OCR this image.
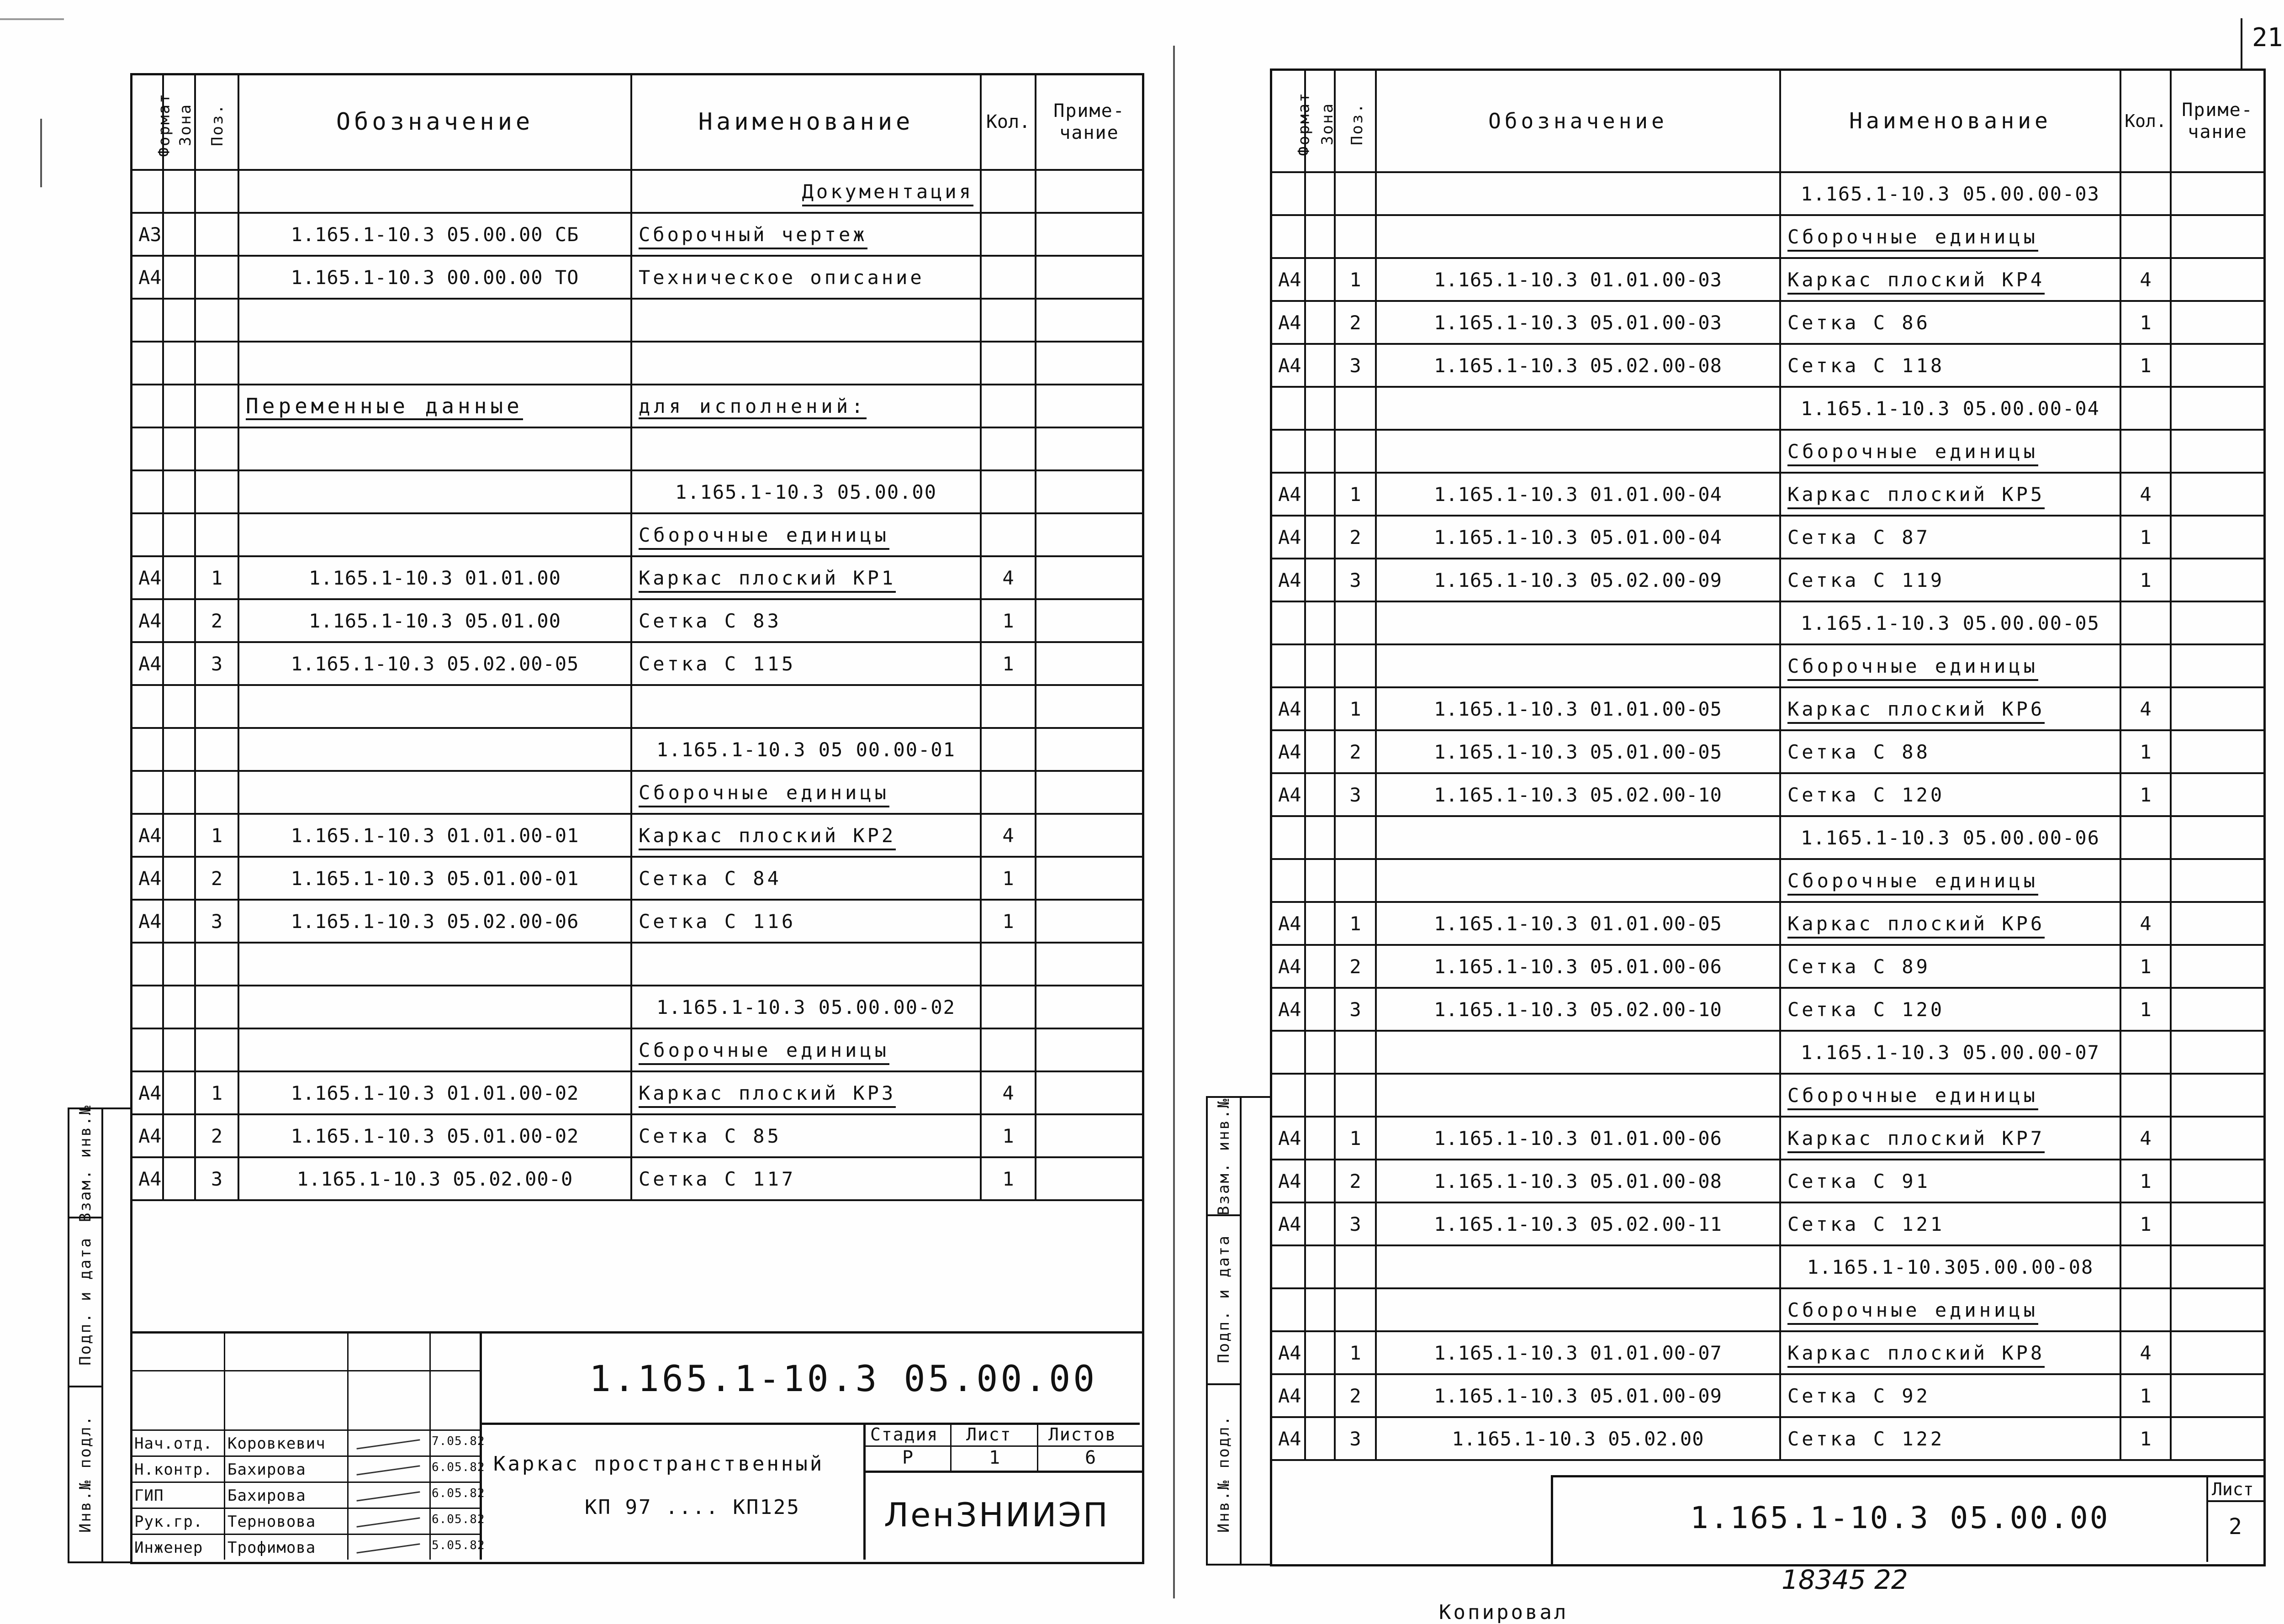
21
Взам. инв.№
Подп. и дата
Инв.№ подл.
Формат	Зона	Поз.	Обозначение	Наименование	Кол.	Приме-чание
				Документация		
А3			1.165.1-10.3 05.00.00 СБ	Сборочный чертеж		
А4			1.165.1-10.3 00.00.00 ТО	Техническое описание		

			Переменные данные	для исполнений:		

				1.165.1-10.3 05.00.00		
				Сборочные единицы		
А4		1	1.165.1-10.3 01.01.00	Каркас плоский КР1	4	
А4		2	1.165.1-10.3 05.01.00	Сетка С 83	1	
А4		3	1.165.1-10.3 05.02.00-05	Сетка С 115	1	

				1.165.1-10.3 05 00.00-01		
				Сборочные единицы		
А4		1	1.165.1-10.3 01.01.00-01	Каркас плоский КР2	4	
А4		2	1.165.1-10.3 05.01.00-01	Сетка С 84	1	
А4		3	1.165.1-10.3 05.02.00-06	Сетка С 116	1	

				1.165.1-10.3 05.00.00-02		
				Сборочные единицы		
А4		1	1.165.1-10.3 01.01.00-02	Каркас плоский КР3	4	
А4		2	1.165.1-10.3 05.01.00-02	Сетка С 85	1	
А4		3	1.165.1-10.3 05.02.00-0	Сетка С 117	1	
Нач.отд. Коровкевич	7.05.82
Н.контр. Бахирова	6.05.82
ГИП	Бахирова	6.05.82
Рук.гр. Терновова	6.05.82
Инженер Трофимова	5.05.82
1.165.1-10.3 05.00.00
Каркас пространственный
КП 97 .... КП125
Стадия Лист Листов
Р	1	6
ЛенЗНИИЭП
Взам. инв.№
Подп. и дата
Инв.№ подл.
Формат	Зона	Поз.	Обозначение	Наименование	Кол.	Приме-чание
				1.165.1-10.3 05.00.00-03		
				Сборочные единицы		
А4		1	1.165.1-10.3 01.01.00-03	Каркас плоский КР4	4	
А4		2	1.165.1-10.3 05.01.00-03	Сетка С 86	1	
А4		3	1.165.1-10.3 05.02.00-08	Сетка С 118	1	
				1.165.1-10.3 05.00.00-04		
				Сборочные единицы		
А4		1	1.165.1-10.3 01.01.00-04	Каркас плоский КР5	4	
А4		2	1.165.1-10.3 05.01.00-04	Сетка С 87	1	
А4		3	1.165.1-10.3 05.02.00-09	Сетка С 119	1	
				1.165.1-10.3 05.00.00-05		
				Сборочные единицы		
А4		1	1.165.1-10.3 01.01.00-05	Каркас плоский КР6	4	
А4		2	1.165.1-10.3 05.01.00-05	Сетка С 88	1	
А4		3	1.165.1-10.3 05.02.00-10	Сетка С 120	1	
				1.165.1-10.3 05.00.00-06		
				Сборочные единицы		
А4		1	1.165.1-10.3 01.01.00-05	Каркас плоский КР6	4	
А4		2	1.165.1-10.3 05.01.00-06	Сетка С 89	1	
А4		3	1.165.1-10.3 05.02.00-10	Сетка С 120	1	
				1.165.1-10.3 05.00.00-07		
				Сборочные единицы		
А4		1	1.165.1-10.3 01.01.00-06	Каркас плоский КР7	4	
А4		2	1.165.1-10.3 05.01.00-08	Сетка С 91	1	
А4		3	1.165.1-10.3 05.02.00-11	Сетка С 121	1	
				1.165.1-10.305.00.00-08		
				Сборочные единицы		
А4		1	1.165.1-10.3 01.01.00-07	Каркас плоский КР8	4	
А4		2	1.165.1-10.3 05.01.00-09	Сетка С 92	1	
А4		3	1.165.1-10.3 05.02.00	Сетка С 122	1	
1.165.1-10.3 05.00.00
Лист
2
18345 22
Копировал
